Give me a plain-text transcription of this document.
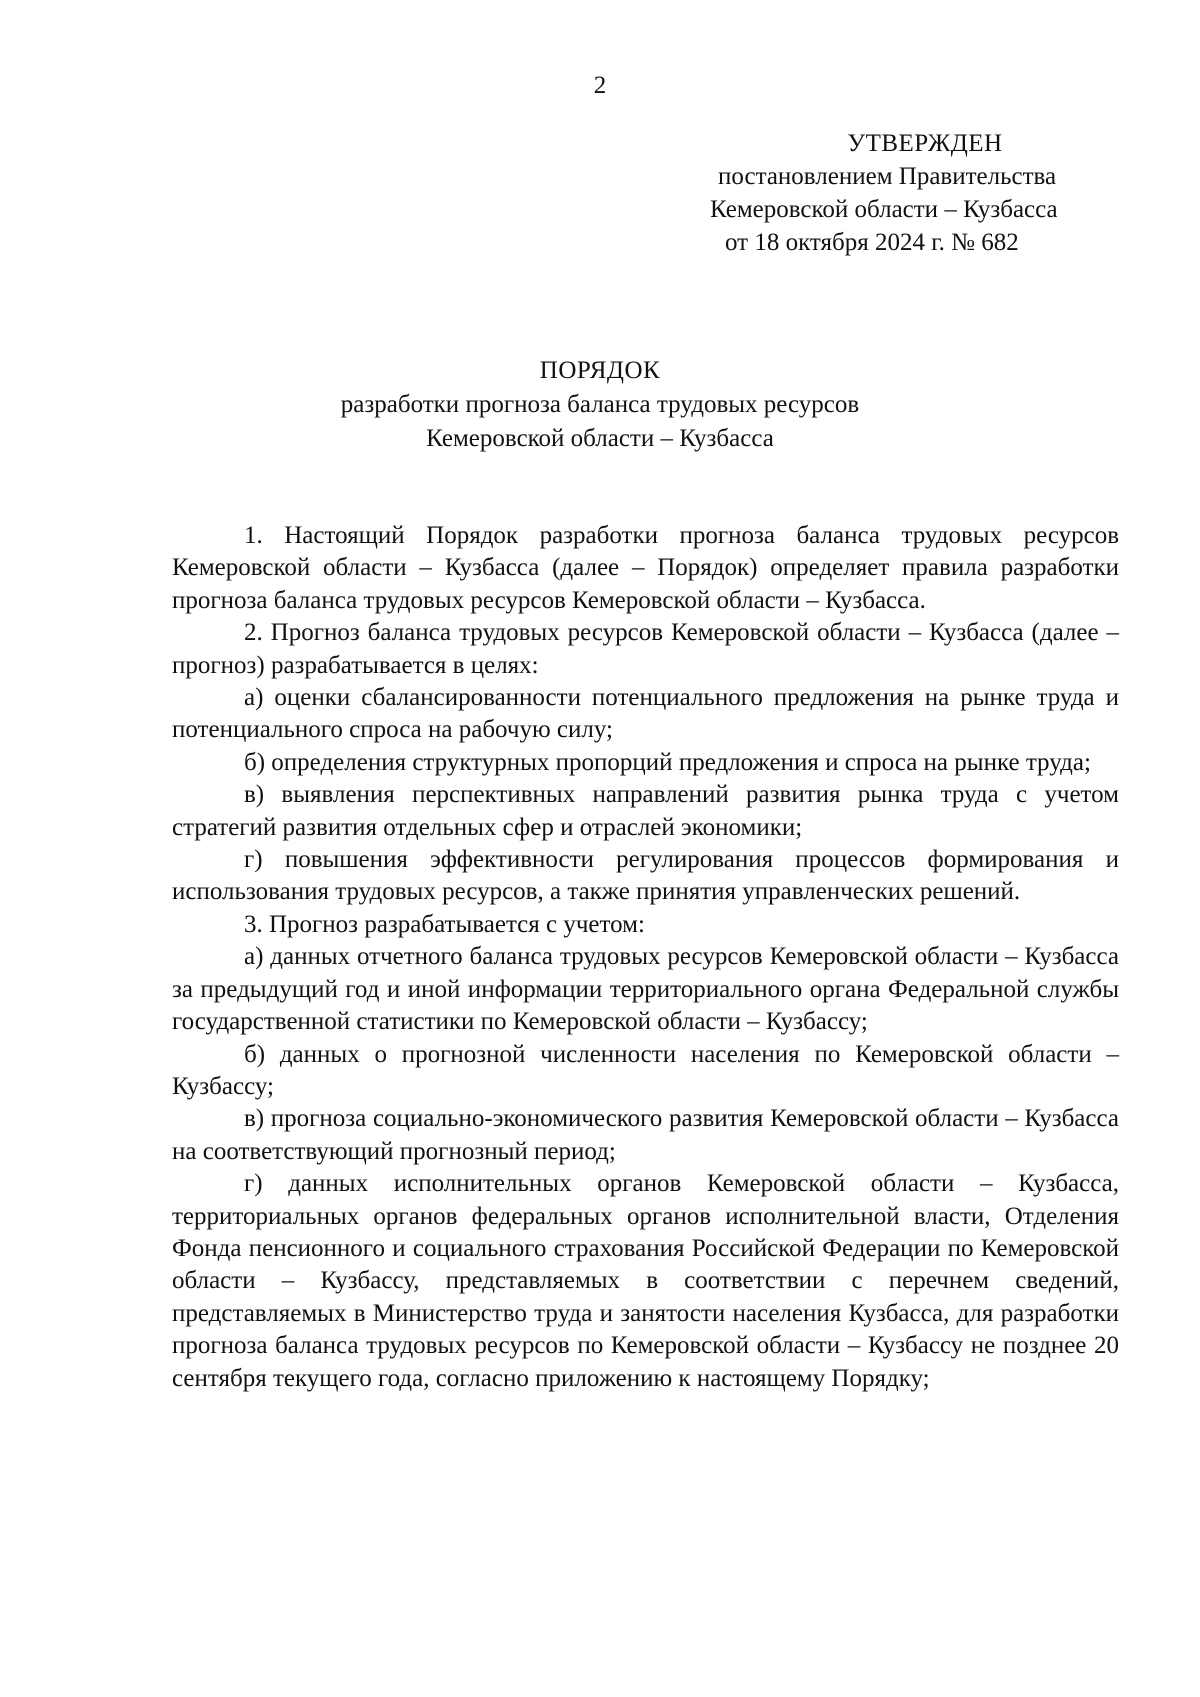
2
УТВЕРЖДЕН
постановлением Правительства
Кемеровской области – Кузбасса
от 18 октября 2024 г. № 682
ПОРЯДОК
разработки прогноза баланса трудовых ресурсов
Кемеровской области – Кузбасса

1. Настоящий Порядок разработки прогноза баланса трудовых ресурсов Кемеровской области – Кузбасса (далее – Порядок) определяет правила разработки прогноза баланса трудовых ресурсов Кемеровской области – Кузбасса.

2. Прогноз баланса трудовых ресурсов Кемеровской области – Кузбасса (далее – прогноз) разрабатывается в целях:

а) оценки сбалансированности потенциального предложения на рынке труда и потенциального спроса на рабочую силу;

б) определения структурных пропорций предложения и спроса на рынке труда;

в) выявления перспективных направлений развития рынка труда с учетом стратегий развития отдельных сфер и отраслей экономики;

г) повышения эффективности регулирования процессов формирования и использования трудовых ресурсов, а также принятия управленческих решений.

3. Прогноз разрабатывается с учетом:

а) данных отчетного баланса трудовых ресурсов Кемеровской области – Кузбасса за предыдущий год и иной информации территориального органа Федеральной службы государственной статистики по Кемеровской области – Кузбассу;

б) данных о прогнозной численности населения по Кемеровской области – Кузбассу;

в) прогноза социально-экономического развития Кемеровской области – Кузбасса на соответствующий прогнозный период;

г) данных исполнительных органов Кемеровской области – Кузбасса, территориальных органов федеральных органов исполнительной власти, Отделения Фонда пенсионного и социального страхования Российской Федерации по Кемеровской области – Кузбассу, представляемых в соответствии с перечнем сведений, представляемых в Министерство труда и занятости населения Кузбасса, для разработки прогноза баланса трудовых ресурсов по Кемеровской области – Кузбассу не позднее 20 сентября текущего года, согласно приложению к настоящему Порядку;
